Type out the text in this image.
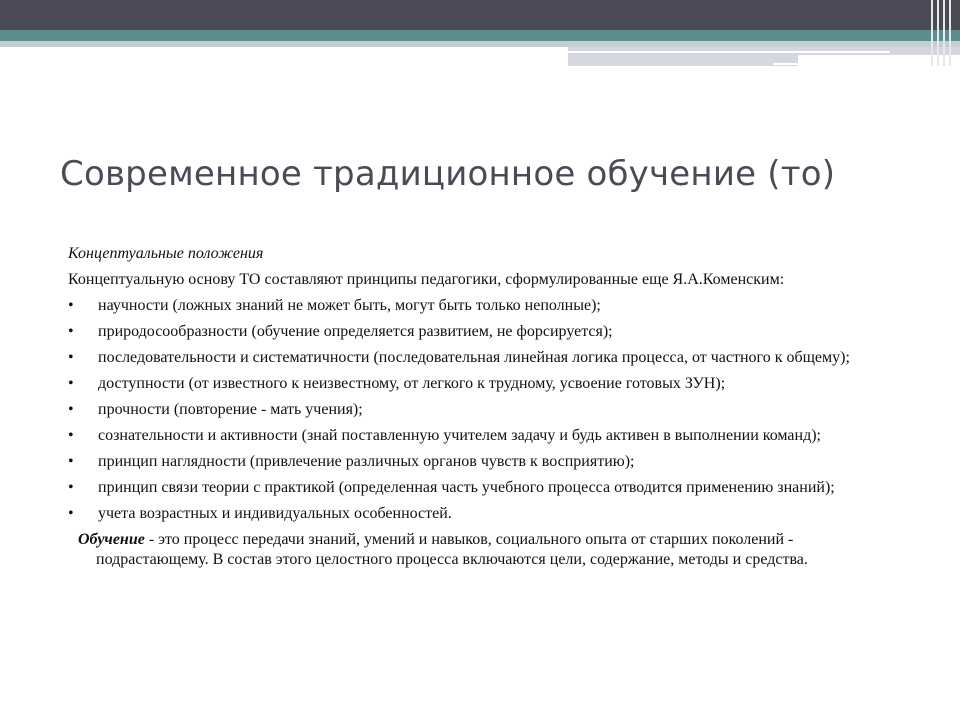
Современное традиционное обучение (то)
Концептуальные положения
Концептуальную основу ТО составляют принципы педагогики, сформулированные еще Я.А.Коменским:
•	научности (ложных знаний не может быть, могут быть только неполные);
•	природосообразности (обучение определяется развитием, не форсируется);
•	последовательности и систематичности (последовательная линейная логика процесса, от частного к общему);
•	доступности (от известного к неизвестному, от легкого к трудному, усвоение готовых ЗУН);
•	прочности (повторение - мать учения);
•	сознательности и активности (знай поставленную учителем задачу и будь активен в выполнении команд);
•	принцип наглядности (привлечение различных органов чувств к восприятию);
•	принцип связи теории с практикой (определенная часть учебного процесса отводится применению знаний);
•	учета возрастных и индивидуальных особенностей.
Обучение - это процесс передачи знаний, умений и навыков, социального опыта от старших поколений - подрастающему. В состав этого целостного процесса включаются цели, содержание, методы и средства.
